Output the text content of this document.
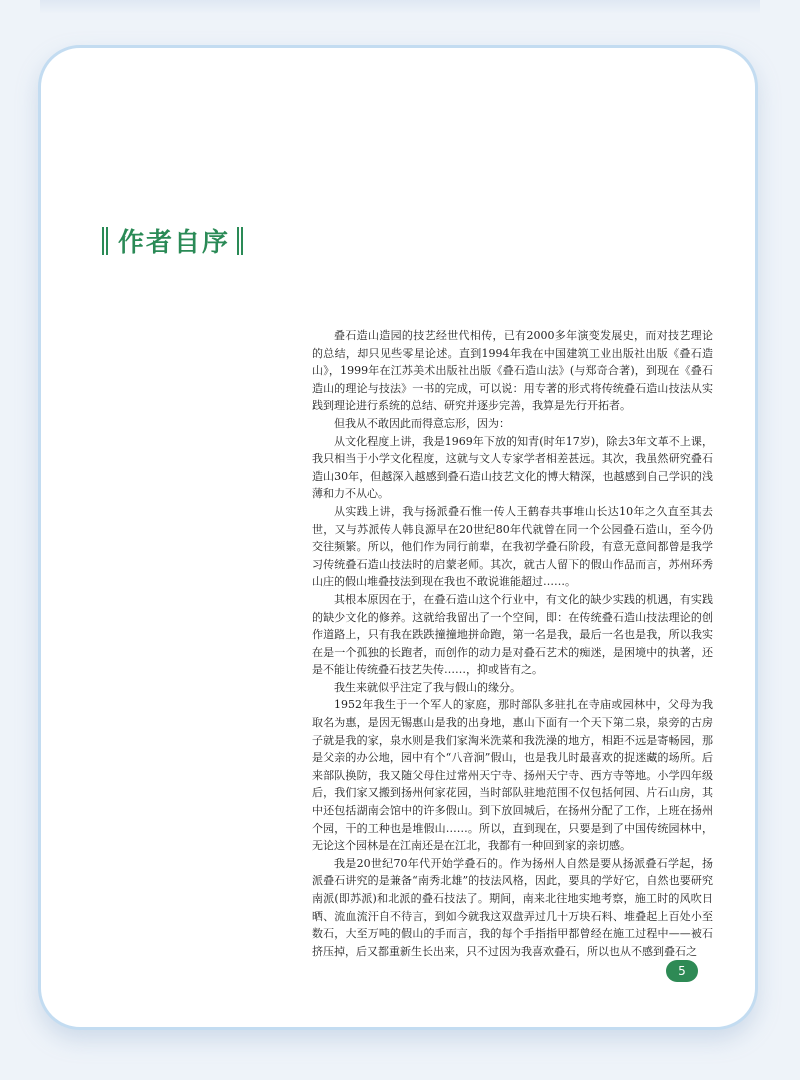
作者自序

叠石造山造园的技艺经世代相传，已有2000多年演变发展史，而对技艺理论的总结，却只见些零星论述。直到1994年我在中国建筑工业出版社出版《叠石造山》，1999年在江苏美术出版社出版《叠石造山法》(与郑奇合著)，到现在《叠石造山的理论与技法》一书的完成，可以说：用专著的形式将传统叠石造山技法从实践到理论进行系统的总结、研究并逐步完善，我算是先行开拓者。

但我从不敢因此而得意忘形，因为：

从文化程度上讲，我是1969年下放的知青(时年17岁)，除去3年文革不上课，我只相当于小学文化程度，这就与文人专家学者相差甚远。其次，我虽然研究叠石造山30年，但越深入越感到叠石造山技艺文化的博大精深，也越感到自己学识的浅薄和力不从心。

从实践上讲，我与扬派叠石惟一传人王鹤春共事堆山长达10年之久直至其去世，又与苏派传人韩良源早在20世纪80年代就曾在同一个公园叠石造山，至今仍交往频繁。所以，他们作为同行前辈，在我初学叠石阶段，有意无意间都曾是我学习传统叠石造山技法时的启蒙老师。其次，就古人留下的假山作品而言，苏州环秀山庄的假山堆叠技法到现在我也不敢说谁能超过……。

其根本原因在于，在叠石造山这个行业中，有文化的缺少实践的机遇，有实践的缺少文化的修养。这就给我留出了一个空间，即：在传统叠石造山技法理论的创作道路上，只有我在跌跌撞撞地拼命跑，第一名是我，最后一名也是我，所以我实在是一个孤独的长跑者，而创作的动力是对叠石艺术的痴迷，是困境中的执著，还是不能让传统叠石技艺失传……，抑或皆有之。

我生来就似乎注定了我与假山的缘分。

1952年我生于一个军人的家庭，那时部队多驻扎在寺庙或园林中，父母为我取名为惠，是因无锡惠山是我的出身地，惠山下面有一个天下第二泉，泉旁的古房子就是我的家，泉水则是我们家淘米洗菜和我洗澡的地方，相距不远是寄畅园，那是父亲的办公地，园中有个“八音涧”假山，也是我儿时最喜欢的捉迷藏的场所。后来部队换防，我又随父母住过常州天宁寺、扬州天宁寺、西方寺等地。小学四年级后，我们家又搬到扬州何家花园，当时部队驻地范围不仅包括何园、片石山房，其中还包括湖南会馆中的许多假山。到下放回城后，在扬州分配了工作，上班在扬州个园，干的工种也是堆假山……。所以，直到现在，只要是到了中国传统园林中，无论这个园林是在江南还是在江北，我都有一种回到家的亲切感。

我是20世纪70年代开始学叠石的。作为扬州人自然是要从扬派叠石学起，扬派叠石讲究的是兼备“南秀北雄”的技法风格，因此，要具的学好它，自然也要研究南派(即苏派)和北派的叠石技法了。期间，南来北往地实地考察，施工时的风吹日晒、流血流汗自不待言，到如今就我这双盘弄过几十万块石料、堆叠起上百处小至数石，大至万吨的假山的手而言，我的每个手指指甲都曾经在施工过程中——被石挤压掉，后又都重新生长出来，只不过因为我喜欢叠石，所以也从不感到叠石之

5
